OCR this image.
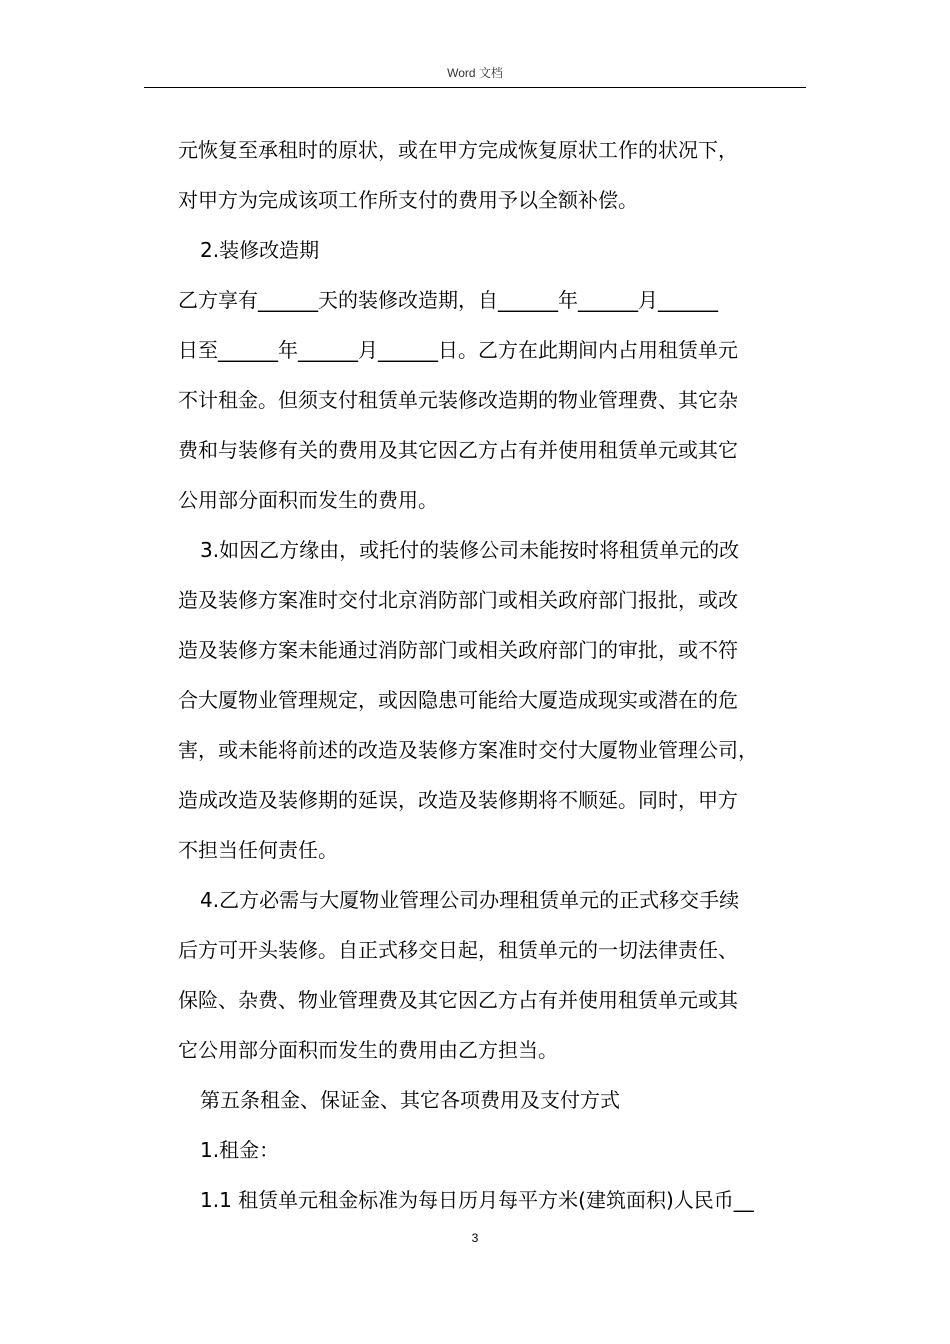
Word 文档
元恢复至承租时的原状，或在甲方完成恢复原状工作的状况下，
对甲方为完成该项工作所支付的费用予以全额补偿。
2.装修改造期
乙方享有______天的装修改造期，自______年______月______
日至______年______月______日。乙方在此期间内占用租赁单元
不计租金。但须支付租赁单元装修改造期的物业管理费、其它杂
费和与装修有关的费用及其它因乙方占有并使用租赁单元或其它
公用部分面积而发生的费用。
3.如因乙方缘由，或托付的装修公司未能按时将租赁单元的改
造及装修方案准时交付北京消防部门或相关政府部门报批，或改
造及装修方案未能通过消防部门或相关政府部门的审批，或不符
合大厦物业管理规定，或因隐患可能给大厦造成现实或潜在的危
害，或未能将前述的改造及装修方案准时交付大厦物业管理公司，
造成改造及装修期的延误，改造及装修期将不顺延。同时，甲方
不担当任何责任。
4.乙方必需与大厦物业管理公司办理租赁单元的正式移交手续
后方可开头装修。自正式移交日起，租赁单元的一切法律责任、
保险、杂费、物业管理费及其它因乙方占有并使用租赁单元或其
它公用部分面积而发生的费用由乙方担当。
第五条租金、保证金、其它各项费用及支付方式
1.租金：
1.1 租赁单元租金标准为每日历月每平方米(建筑面积)人民币__
3
